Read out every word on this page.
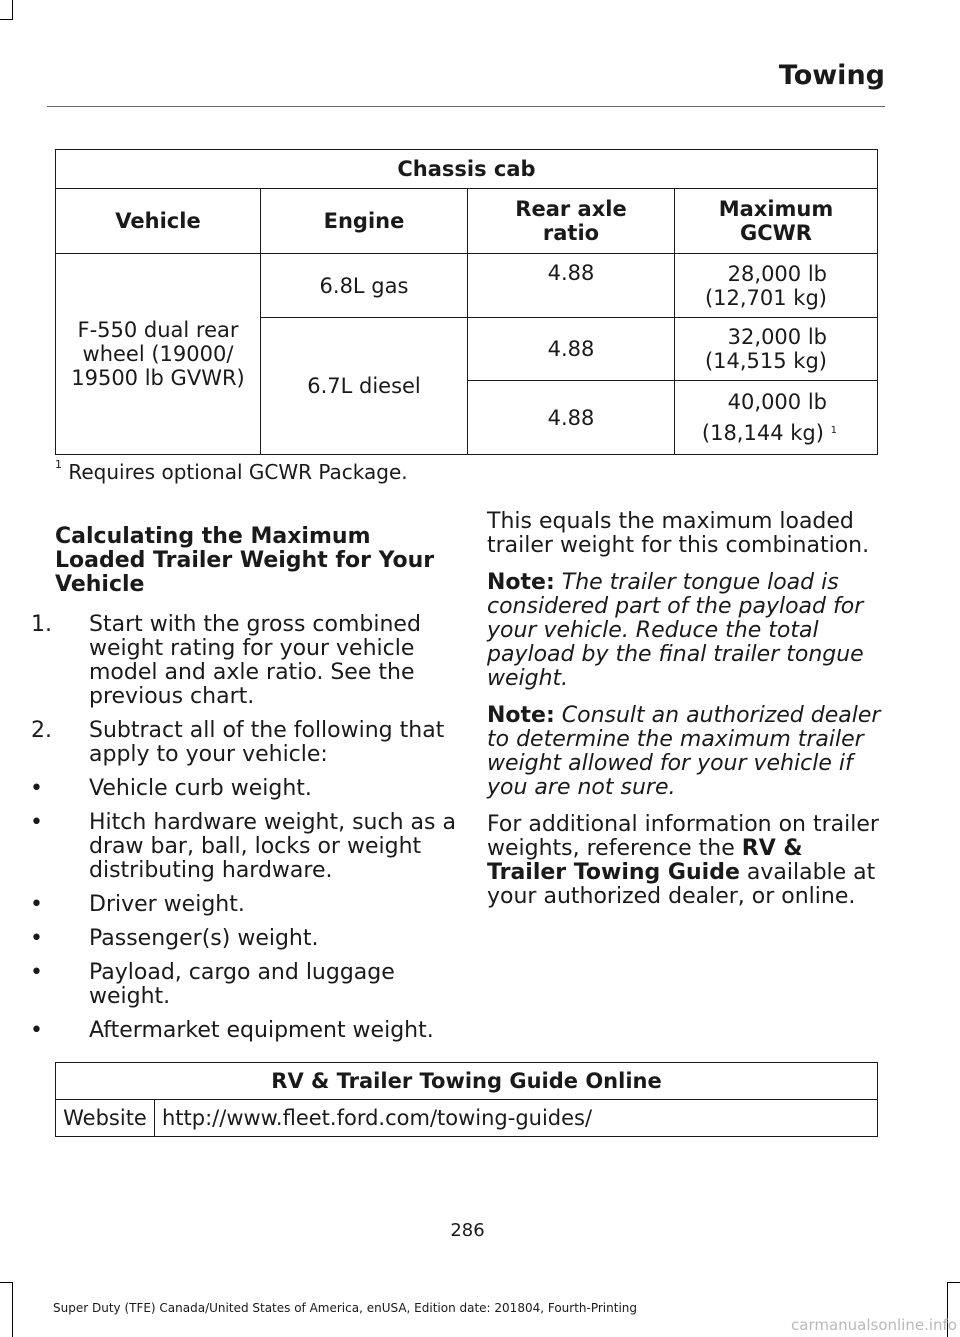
Towing
Chassis cab			
Vehicle	Engine	Rear axle ratio	Maximum GCWR

F-550 dual rear wheel (19000/ 19500 lb GVWR)	6.8L gas	4.88	28,000 lb
(12,701 kg)

	6.7L diesel	4.88	32,000 lb
(14,515 kg)

		4.88	40,000 lb
(18,144 kg) $^1$
$^1$ Requires optional GCWR Package.
Calculating the Maximum Loaded Trailer Weight for Your Vehicle
1. Start with the gross combined weight rating for your vehicle model and axle ratio. See the previous chart.
2. Subtract all of the following that apply to your vehicle:
• Vehicle curb weight.
• Hitch hardware weight, such as a draw bar, ball, locks or weight distributing hardware.
• Driver weight.
• Passenger(s) weight.
• Payload, cargo and luggage weight.
• Aftermarket equipment weight.

This equals the maximum loaded trailer weight for this combination.

Note: The trailer tongue load is considered part of the payload for your vehicle. Reduce the total payload by the final trailer tongue weight.

Note: Consult an authorized dealer to determine the maximum trailer weight allowed for your vehicle if you are not sure.

For additional information on trailer weights, reference the RV & Trailer Towing Guide available at your authorized dealer, or online.

RV & Trailer Towing Guide Online
Website	http://www.fleet.ford.com/towing-guides/
286
Super Duty (TFE) Canada/United States of America, enUSA, Edition date: 201804, Fourth-Printing
carmanualsonline.info
